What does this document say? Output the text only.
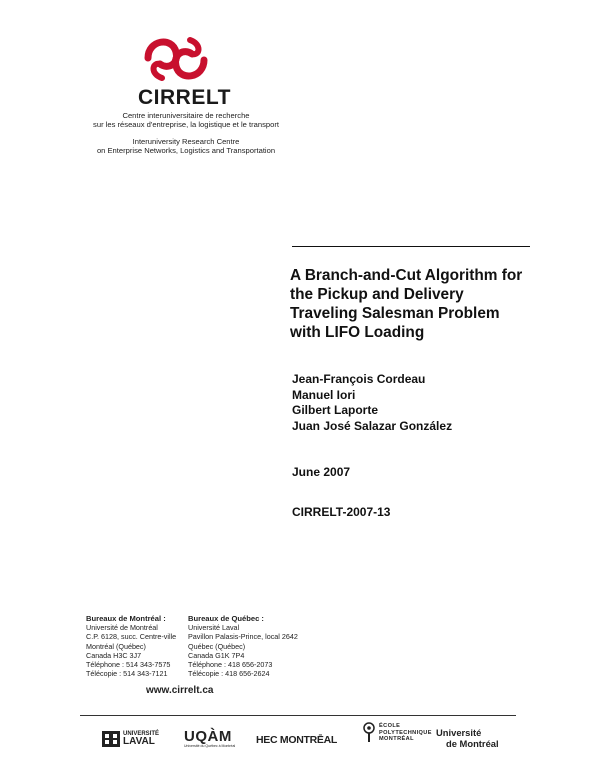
CIRRELT
Centre interuniversitaire de recherche
sur les réseaux d'entreprise, la logistique et le transport
Interuniversity Research Centre
on Enterprise Networks, Logistics and Transportation
A Branch-and-Cut Algorithm for
the Pickup and Delivery
Traveling Salesman Problem
with LIFO Loading
Jean-François Cordeau
Manuel Iori
Gilbert Laporte
Juan José Salazar González
June 2007
CIRRELT-2007-13
Bureaux de Montréal :
Université de Montréal
C.P. 6128, succ. Centre-ville
Montréal (Québec)
Canada H3C 3J7
Téléphone : 514 343-7575
Télécopie : 514 343-7121
Bureaux de Québec :
Université Laval
Pavillon Palasis-Prince, local 2642
Québec (Québec)
Canada G1K 7P4
Téléphone : 418 656-2073
Télécopie : 418 656-2624
www.cirrelt.ca
UNIVERSITÉ
LAVAL UQÀM
Université du Québec à Montréal HEC MONTRĒAL
ÉCOLE
POLYTECHNIQUE
MONTRÉAL
Université
de Montréal
